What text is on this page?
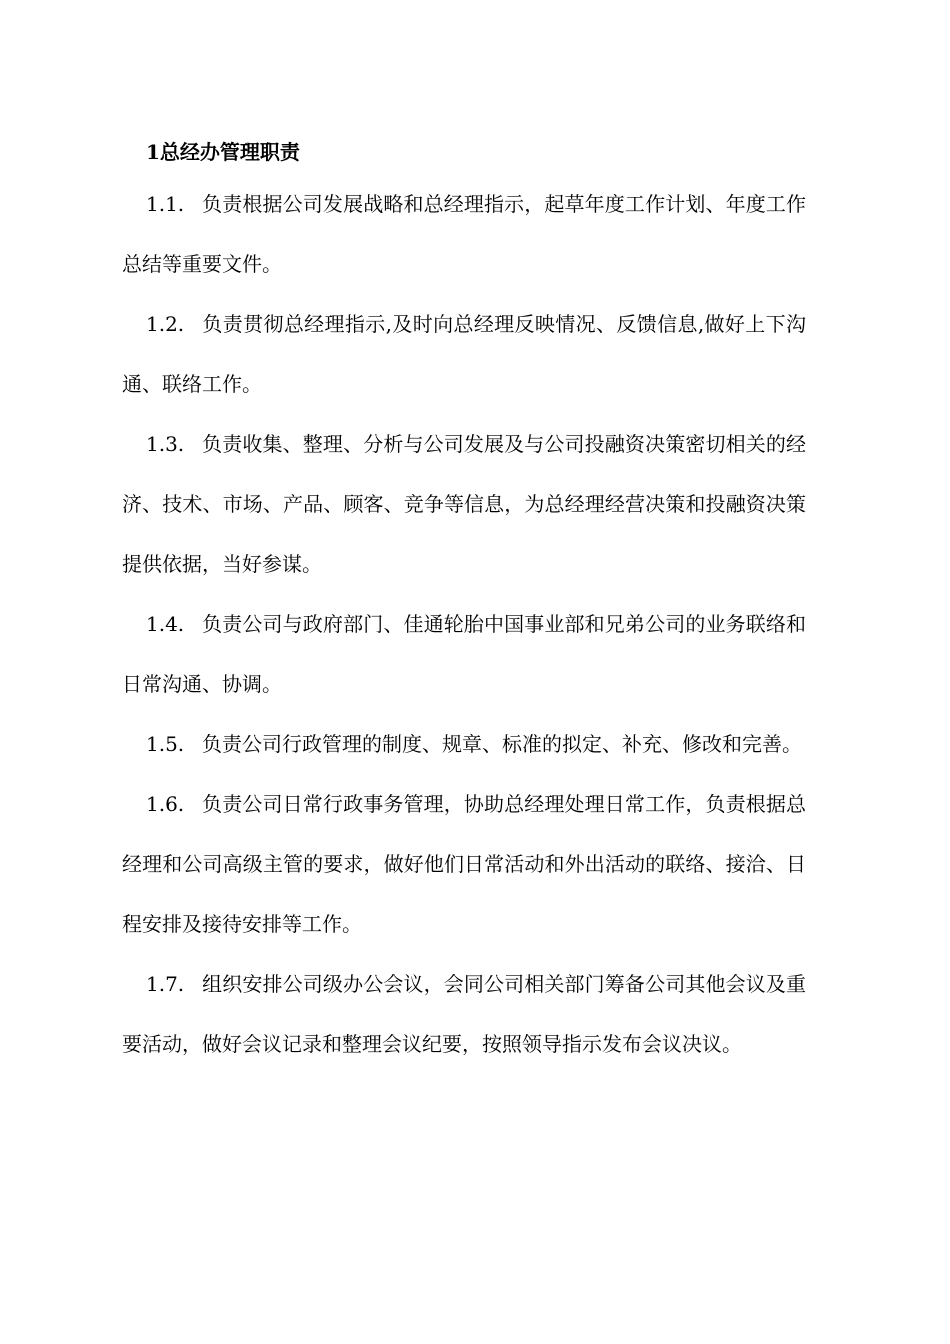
1总经办管理职责

1.1. 负责根据公司发展战略和总经理指示，起草年度工作计划、年度工作总结等重要文件。

1.2. 负责贯彻总经理指示,及时向总经理反映情况、反馈信息,做好上下沟通、联络工作。

1.3. 负责收集、整理、分析与公司发展及与公司投融资决策密切相关的经济、技术、市场、产品、顾客、竞争等信息，为总经理经营决策和投融资决策提供依据，当好参谋。

1.4. 负责公司与政府部门、佳通轮胎中国事业部和兄弟公司的业务联络和日常沟通、协调。

1.5. 负责公司行政管理的制度、规章、标准的拟定、补充、修改和完善。

1.6. 负责公司日常行政事务管理，协助总经理处理日常工作，负责根据总经理和公司高级主管的要求，做好他们日常活动和外出活动的联络、接洽、日程安排及接待安排等工作。

1.7. 组织安排公司级办公会议，会同公司相关部门筹备公司其他会议及重要活动，做好会议记录和整理会议纪要，按照领导指示发布会议决议。
